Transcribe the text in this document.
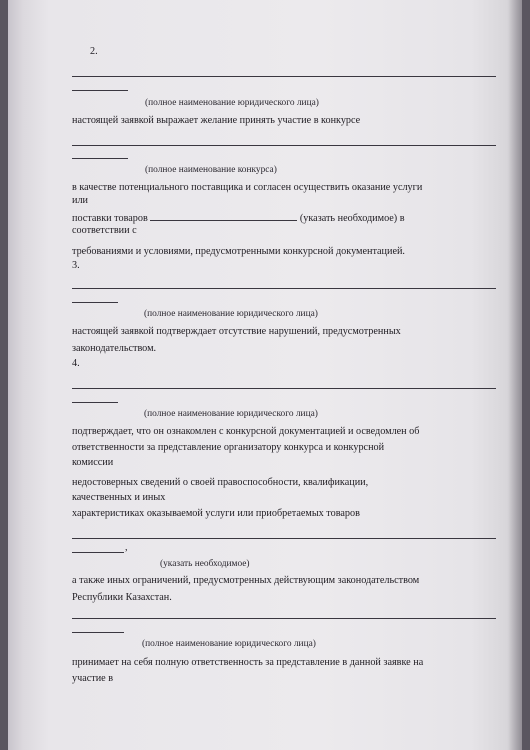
2.
(полное наименование юридического лица)
настоящей заявкой выражает желание принять участие в конкурсе
(полное наименование конкурса)
в качестве потенциального поставщика и согласен осуществить оказание услуги
или
поставки товаров	(указать необходимое) в
соответствии с
требованиями и условиями, предусмотренными конкурсной документацией.
3.
(полное наименование юридического лица)
настоящей заявкой подтверждает отсутствие нарушений, предусмотренных
законодательством.
4.
(полное наименование юридического лица)
подтверждает, что он ознакомлен с конкурсной документацией и осведомлен об
ответственности за представление организатору конкурса и конкурсной
комиссии
недостоверных сведений о своей правоспособности, квалификации,
качественных и иных
характеристиках оказываемой услуги или приобретаемых товаров
,
(указать необходимое)
а также иных ограничений, предусмотренных действующим законодательством
Республики Казахстан.
(полное наименование юридического лица)
принимает на себя полную ответственность за представление в данной заявке на
участие в
